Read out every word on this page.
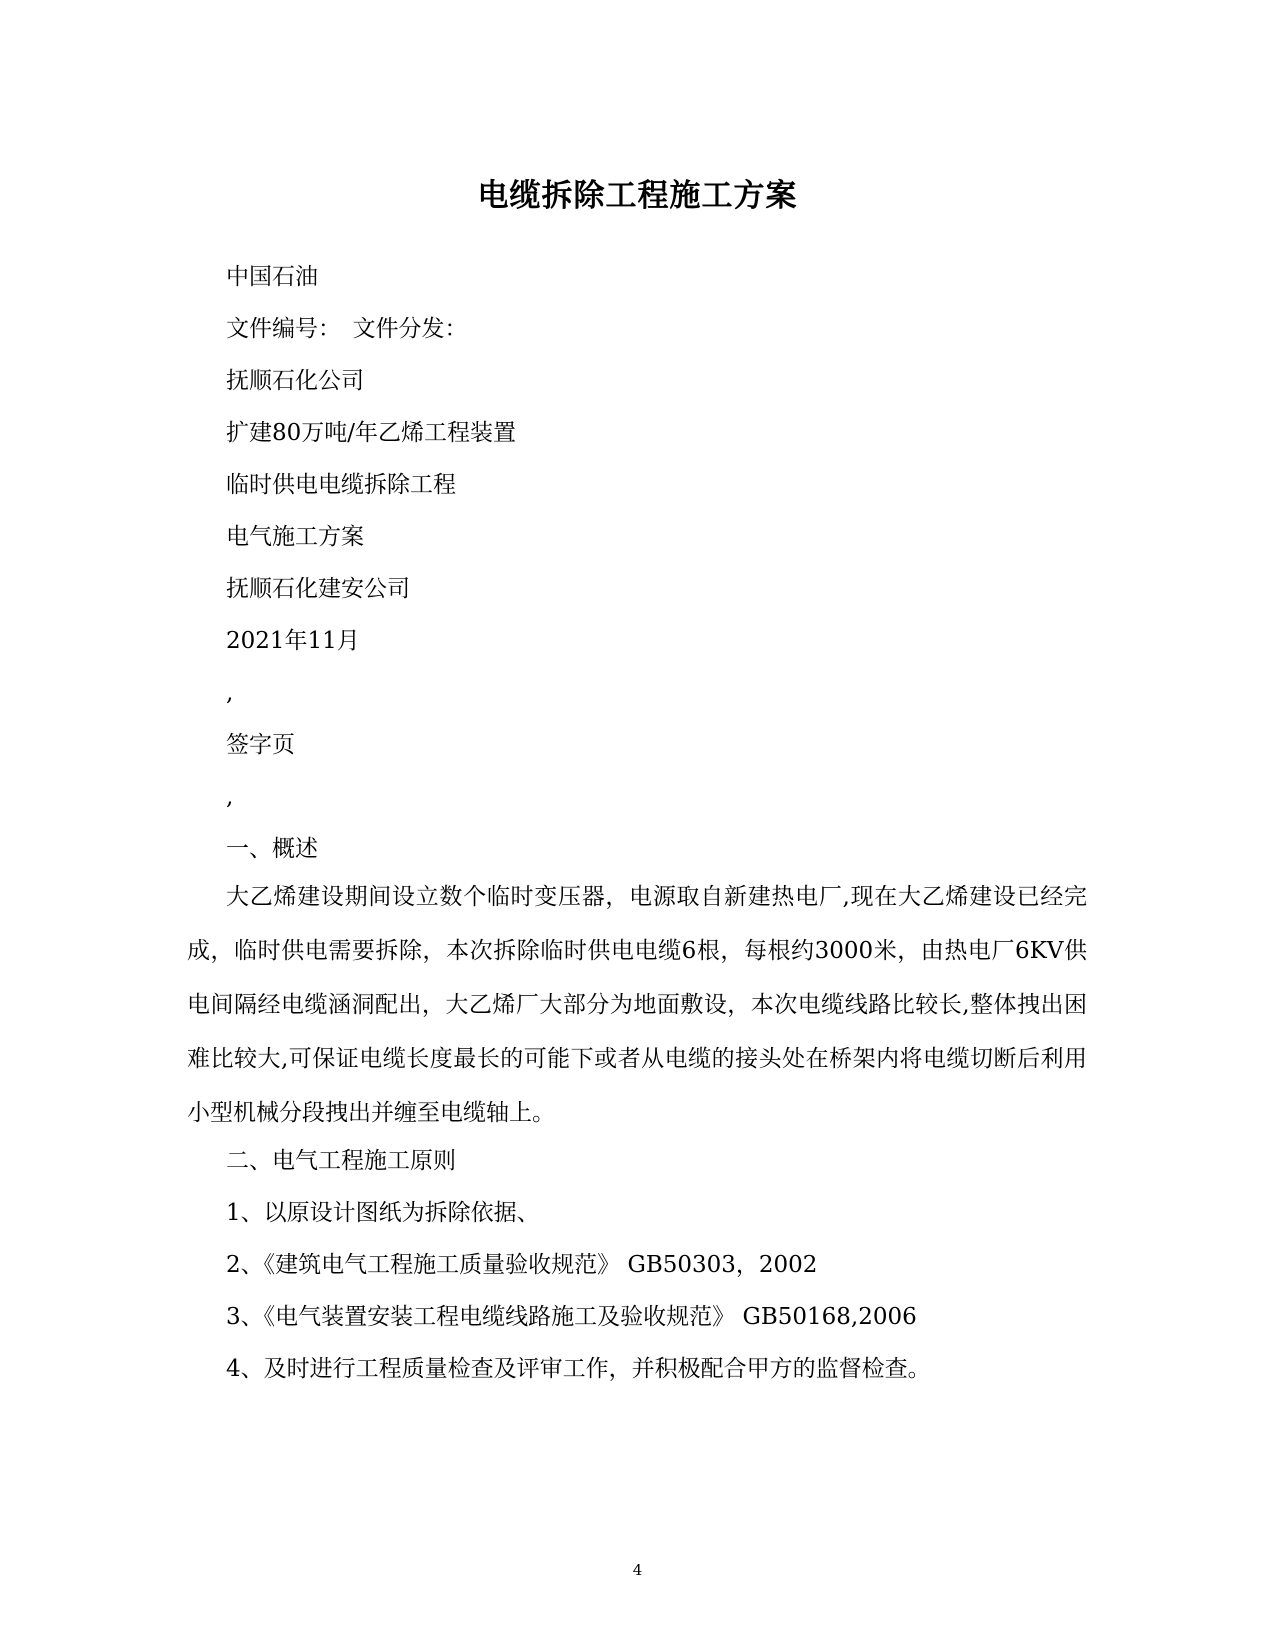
电缆拆除工程施工方案
中国石油
文件编号：　文件分发：
抚顺石化公司
扩建80万吨/年乙烯工程装置
临时供电电缆拆除工程
电气施工方案
抚顺石化建安公司
2021年11月
,
签字页
,
一、概述
大乙烯建设期间设立数个临时变压器，电源取自新建热电厂,现在大乙烯建设已经完成，临时供电需要拆除，本次拆除临时供电电缆6根，每根约3000米，由热电厂6KV供电间隔经电缆涵洞配出，大乙烯厂大部分为地面敷设，本次电缆线路比较长,整体拽出困难比较大,可保证电缆长度最长的可能下或者从电缆的接头处在桥架内将电缆切断后利用小型机械分段拽出并缠至电缆轴上。
二、电气工程施工原则
1、以原设计图纸为拆除依据、
2、《建筑电气工程施工质量验收规范》 GB50303，2002
3、《电气装置安装工程电缆线路施工及验收规范》 GB50168,2006
4、及时进行工程质量检查及评审工作，并积极配合甲方的监督检查。
4
